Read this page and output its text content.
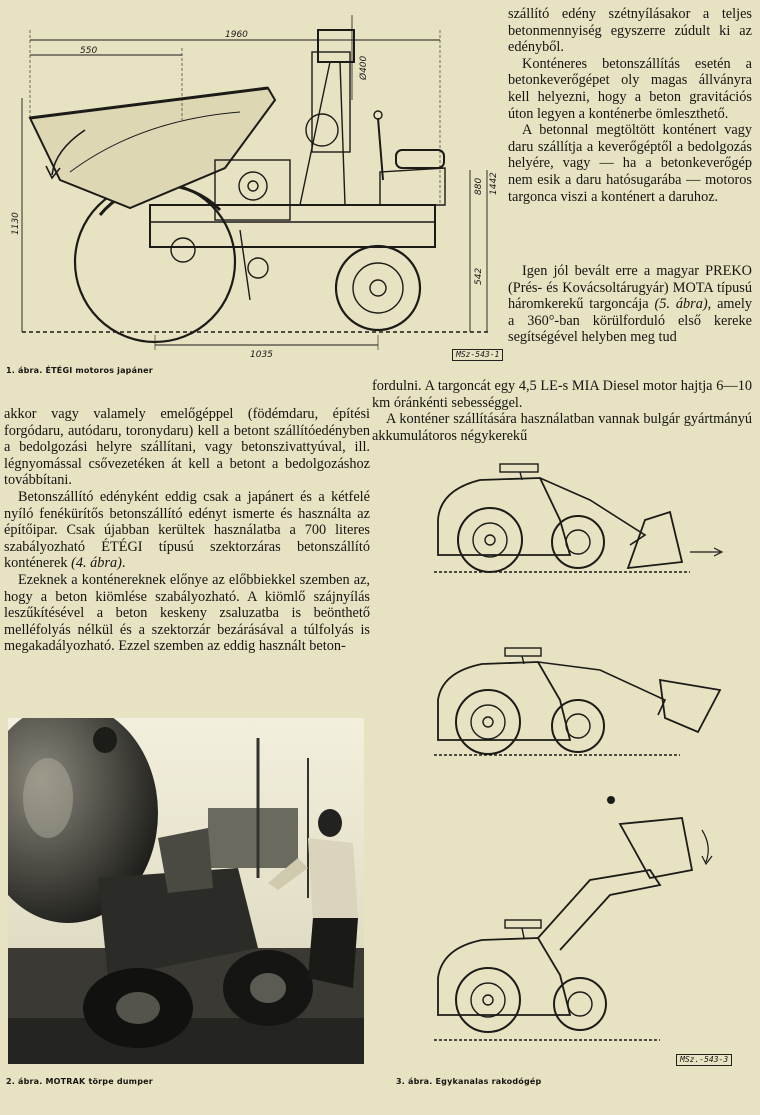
1960
550
Ø400
1130
1442
880
542
1035
1. ábra. ÉTÉGI motoros japáner
MSz-543-1

szállító edény szétnyílásakor a teljes betonmennyiség egyszerre zúdult ki az edényből.

Konténeres betonszállítás esetén a betonkeverőgépet oly magas állványra kell helyezni, hogy a beton gravitációs úton legyen a konténerbe ömleszthető.

A betonnal megtöltött konténert vagy daru szállítja a keverőgéptől a bedolgozás helyére, vagy — ha a betonkeverőgép nem esik a daru hatósugarába — motoros targonca viszi a konténert a daruhoz.

Igen jól bevált erre a magyar PREKO (Prés- és Kovácsoltárugyár) MOTA típusú háromkerekű targoncája (5. ábra), amely a 360°-ban körülforduló első kereke segítségével helyben meg tud

fordulni. A targoncát egy 4,5 LE-s MIA Diesel motor hajtja 6—10 km óránkénti sebességgel.

A konténer szállítására használatban vannak bulgár gyártmányú akkumulátoros négykerekű

akkor vagy valamely emelőgéppel (födémdaru, építési forgódaru, autódaru, toronydaru) kell a betont szállítóedényben a bedolgozási helyre szállítani, vagy betonszivattyúval, ill. légnyomással csővezetéken át kell a betont a bedolgozáshoz továbbítani.

Betonszállító edényként eddig csak a japánert és a kétfelé nyíló fenékürítős betonszállító edényt ismerte és használta az építőipar. Csak újabban kerültek használatba a 700 literes szabályozható ÉTÉGI típusú szektorzáras betonszállító konténerek (4. ábra).

Ezeknek a konténereknek előnye az előbbiekkel szemben az, hogy a beton kiömlése szabályozható. A kiömlő szájnyílás leszűkítésével a beton keskeny zsaluzatba is beönthető melléfolyás nélkül és a szektorzár bezárásával a túlfolyás is megakadályozható. Ezzel szemben az eddig használt beton-

2. ábra. MOTRAK törpe dumper
MSz.-543-3
3. ábra. Egykanalas rakodógép
